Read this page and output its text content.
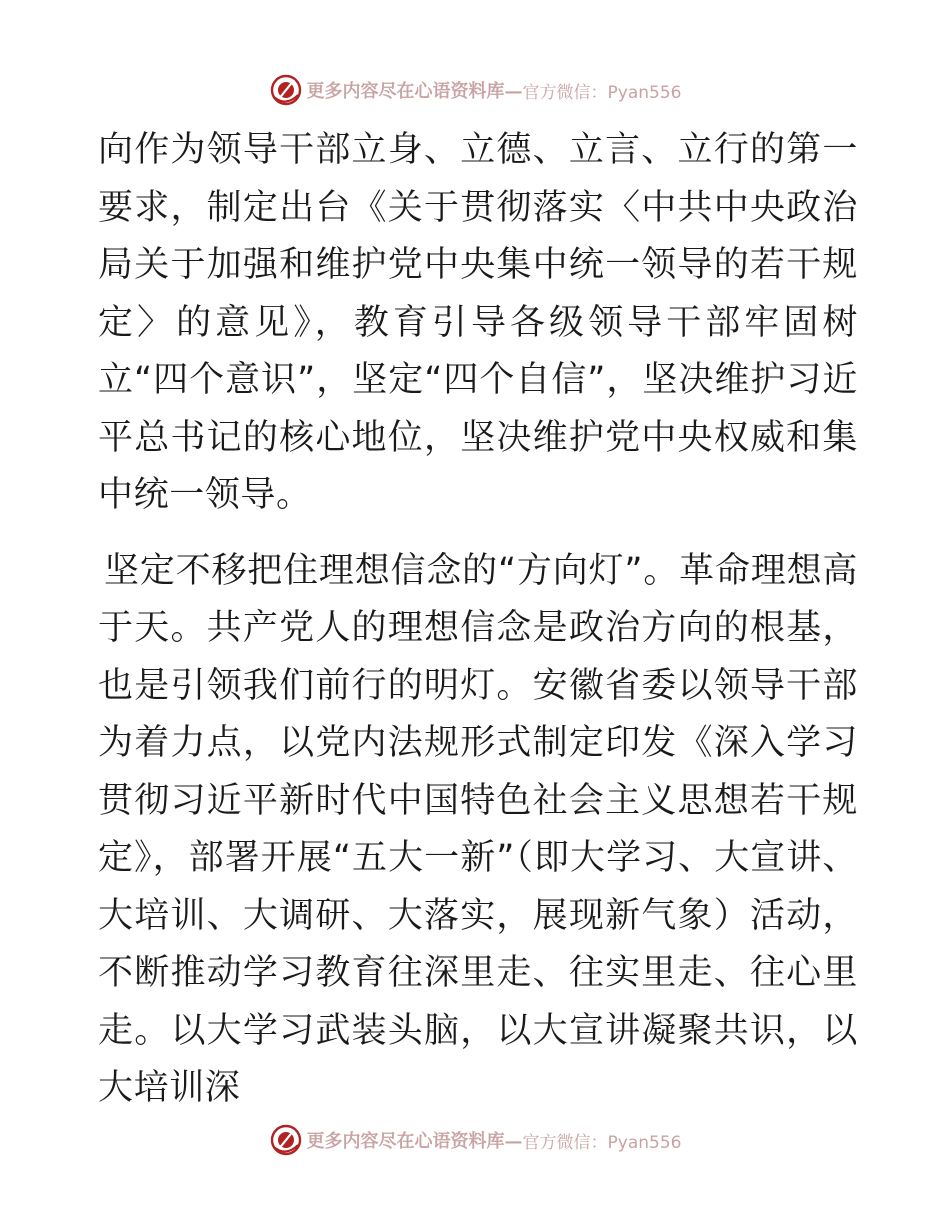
更多内容尽在心语资料库— 官方微信：Pyan556

向作为领导干部立身、立德、立言、立行的第一要求，制定出台《关于贯彻落实〈中共中央政治局关于加强和维护党中央集中统一领导的若干规定〉的意见》，教育引导各级领导干部牢固树立“四个意识”，坚定“四个自信”，坚决维护习近平总书记的核心地位，坚决维护党中央权威和集中统一领导。

坚定不移把住理想信念的“方向灯”。革命理想高于天。共产党人的理想信念是政治方向的根基，也是引领我们前行的明灯。安徽省委以领导干部为着力点，以党内法规形式制定印发《深入学习贯彻习近平新时代中国特色社会主义思想若干规定》，部署开展“五大一新”（即大学习、大宣讲、大培训、大调研、大落实，展现新气象）活动，不断推动学习教育往深里走、往实里走、往心里走。以大学习武装头脑，以大宣讲凝聚共识，以大培训深

更多内容尽在心语资料库— 官方微信：Pyan556
